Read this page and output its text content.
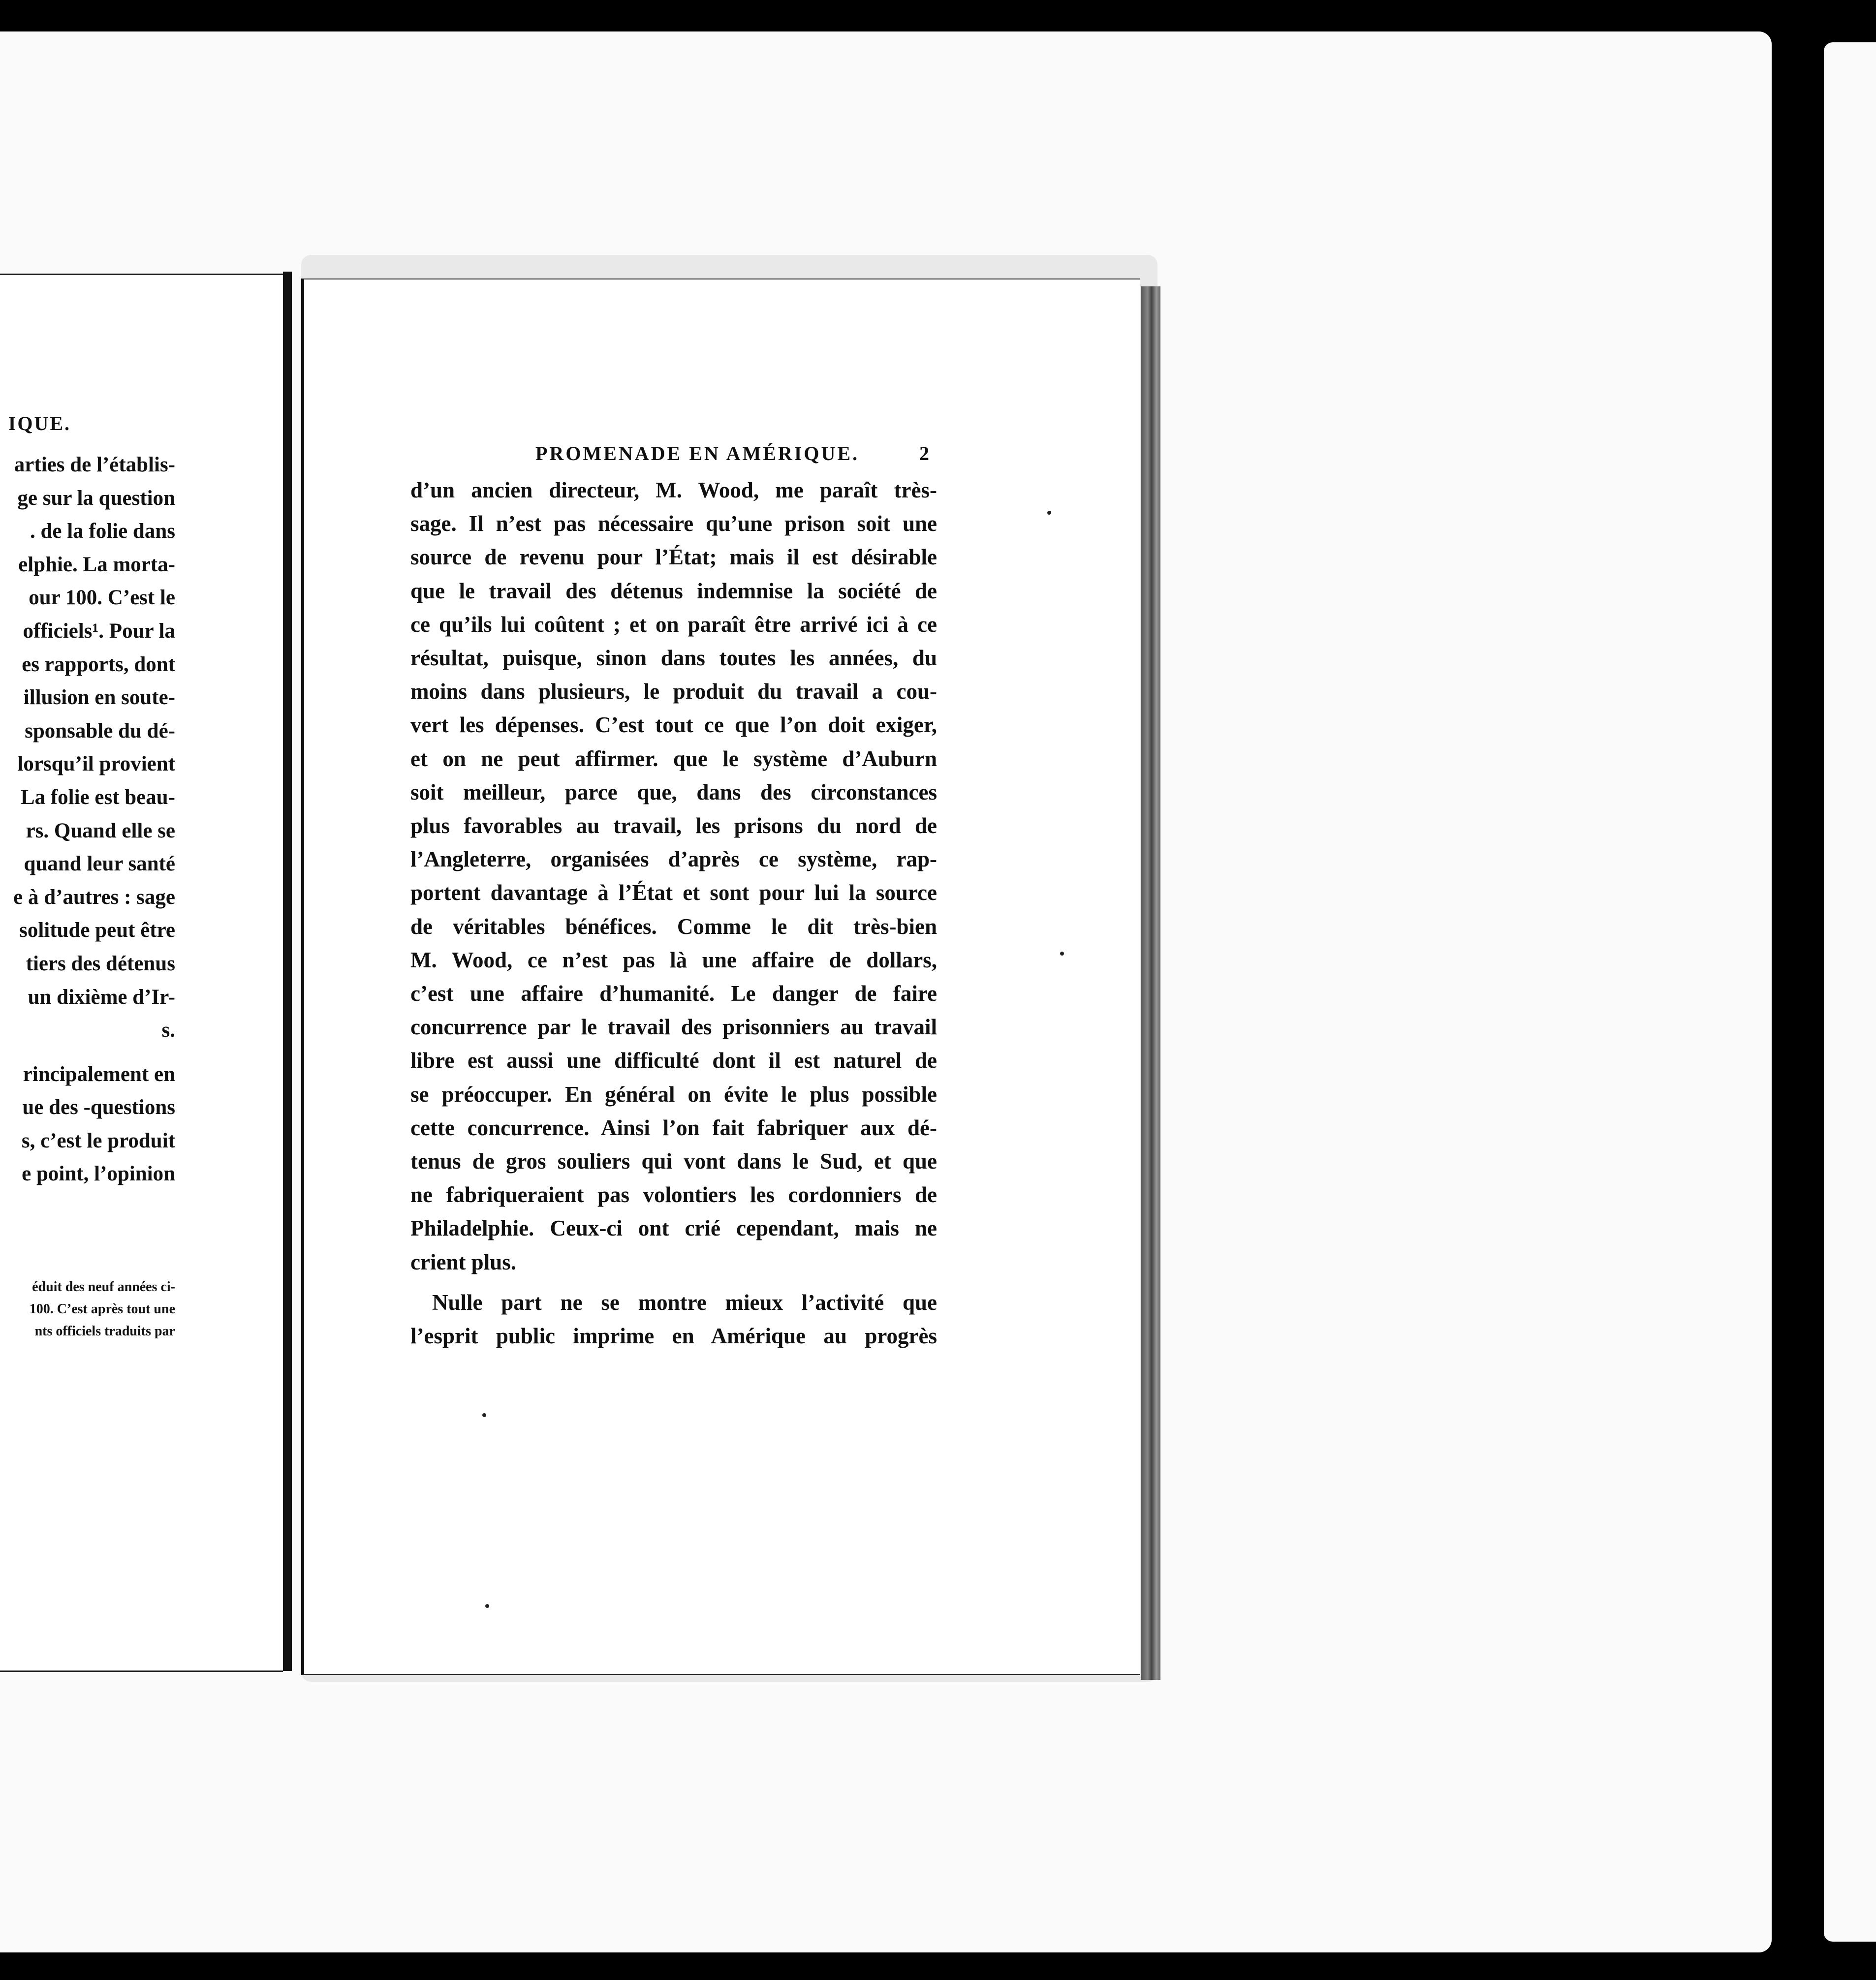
IQUE.
arties de l’établis-
ge sur la question
. de la folie dans
elphie. La morta-
our 100. C’est le
officiels¹. Pour la
es rapports, dont
illusion en soute-
sponsable du dé-
lorsqu’il provient
La folie est beau-
rs. Quand elle se
quand leur santé
e à d’autres : sage
solitude peut être
tiers des détenus
un dixième d’Ir-
s.
rincipalement en
ue des -questions
s, c’est le produit
e point, l’opinion
éduit des neuf années ci-
100. C’est après tout une
nts officiels traduits par
PROMENADE EN AMÉRIQUE.	2
d’un ancien directeur, M. Wood, me paraît très-
sage. Il n’est pas nécessaire qu’une prison soit une
source de revenu pour l’État; mais il est désirable
que le travail des détenus indemnise la société de
ce qu’ils lui coûtent ; et on paraît être arrivé ici à ce
résultat, puisque, sinon dans toutes les années, du
moins dans plusieurs, le produit du travail a cou-
vert les dépenses. C’est tout ce que l’on doit exiger,
et on ne peut affirmer. que le système d’Auburn
soit meilleur, parce que, dans des circonstances
plus favorables au travail, les prisons du nord de
l’Angleterre, organisées d’après ce système, rap-
portent davantage à l’État et sont pour lui la source
de véritables bénéfices. Comme le dit très-bien
M. Wood, ce n’est pas là une affaire de dollars,
c’est une affaire d’humanité. Le danger de faire
concurrence par le travail des prisonniers au travail
libre est aussi une difficulté dont il est naturel de
se préoccuper. En général on évite le plus possible
cette concurrence. Ainsi l’on fait fabriquer aux dé-
tenus de gros souliers qui vont dans le Sud, et que
ne fabriqueraient pas volontiers les cordonniers de
Philadelphie. Ceux-ci ont crié cependant, mais ne
crient plus.
Nulle part ne se montre mieux l’activité que
l’esprit public imprime en Amérique au progrès
